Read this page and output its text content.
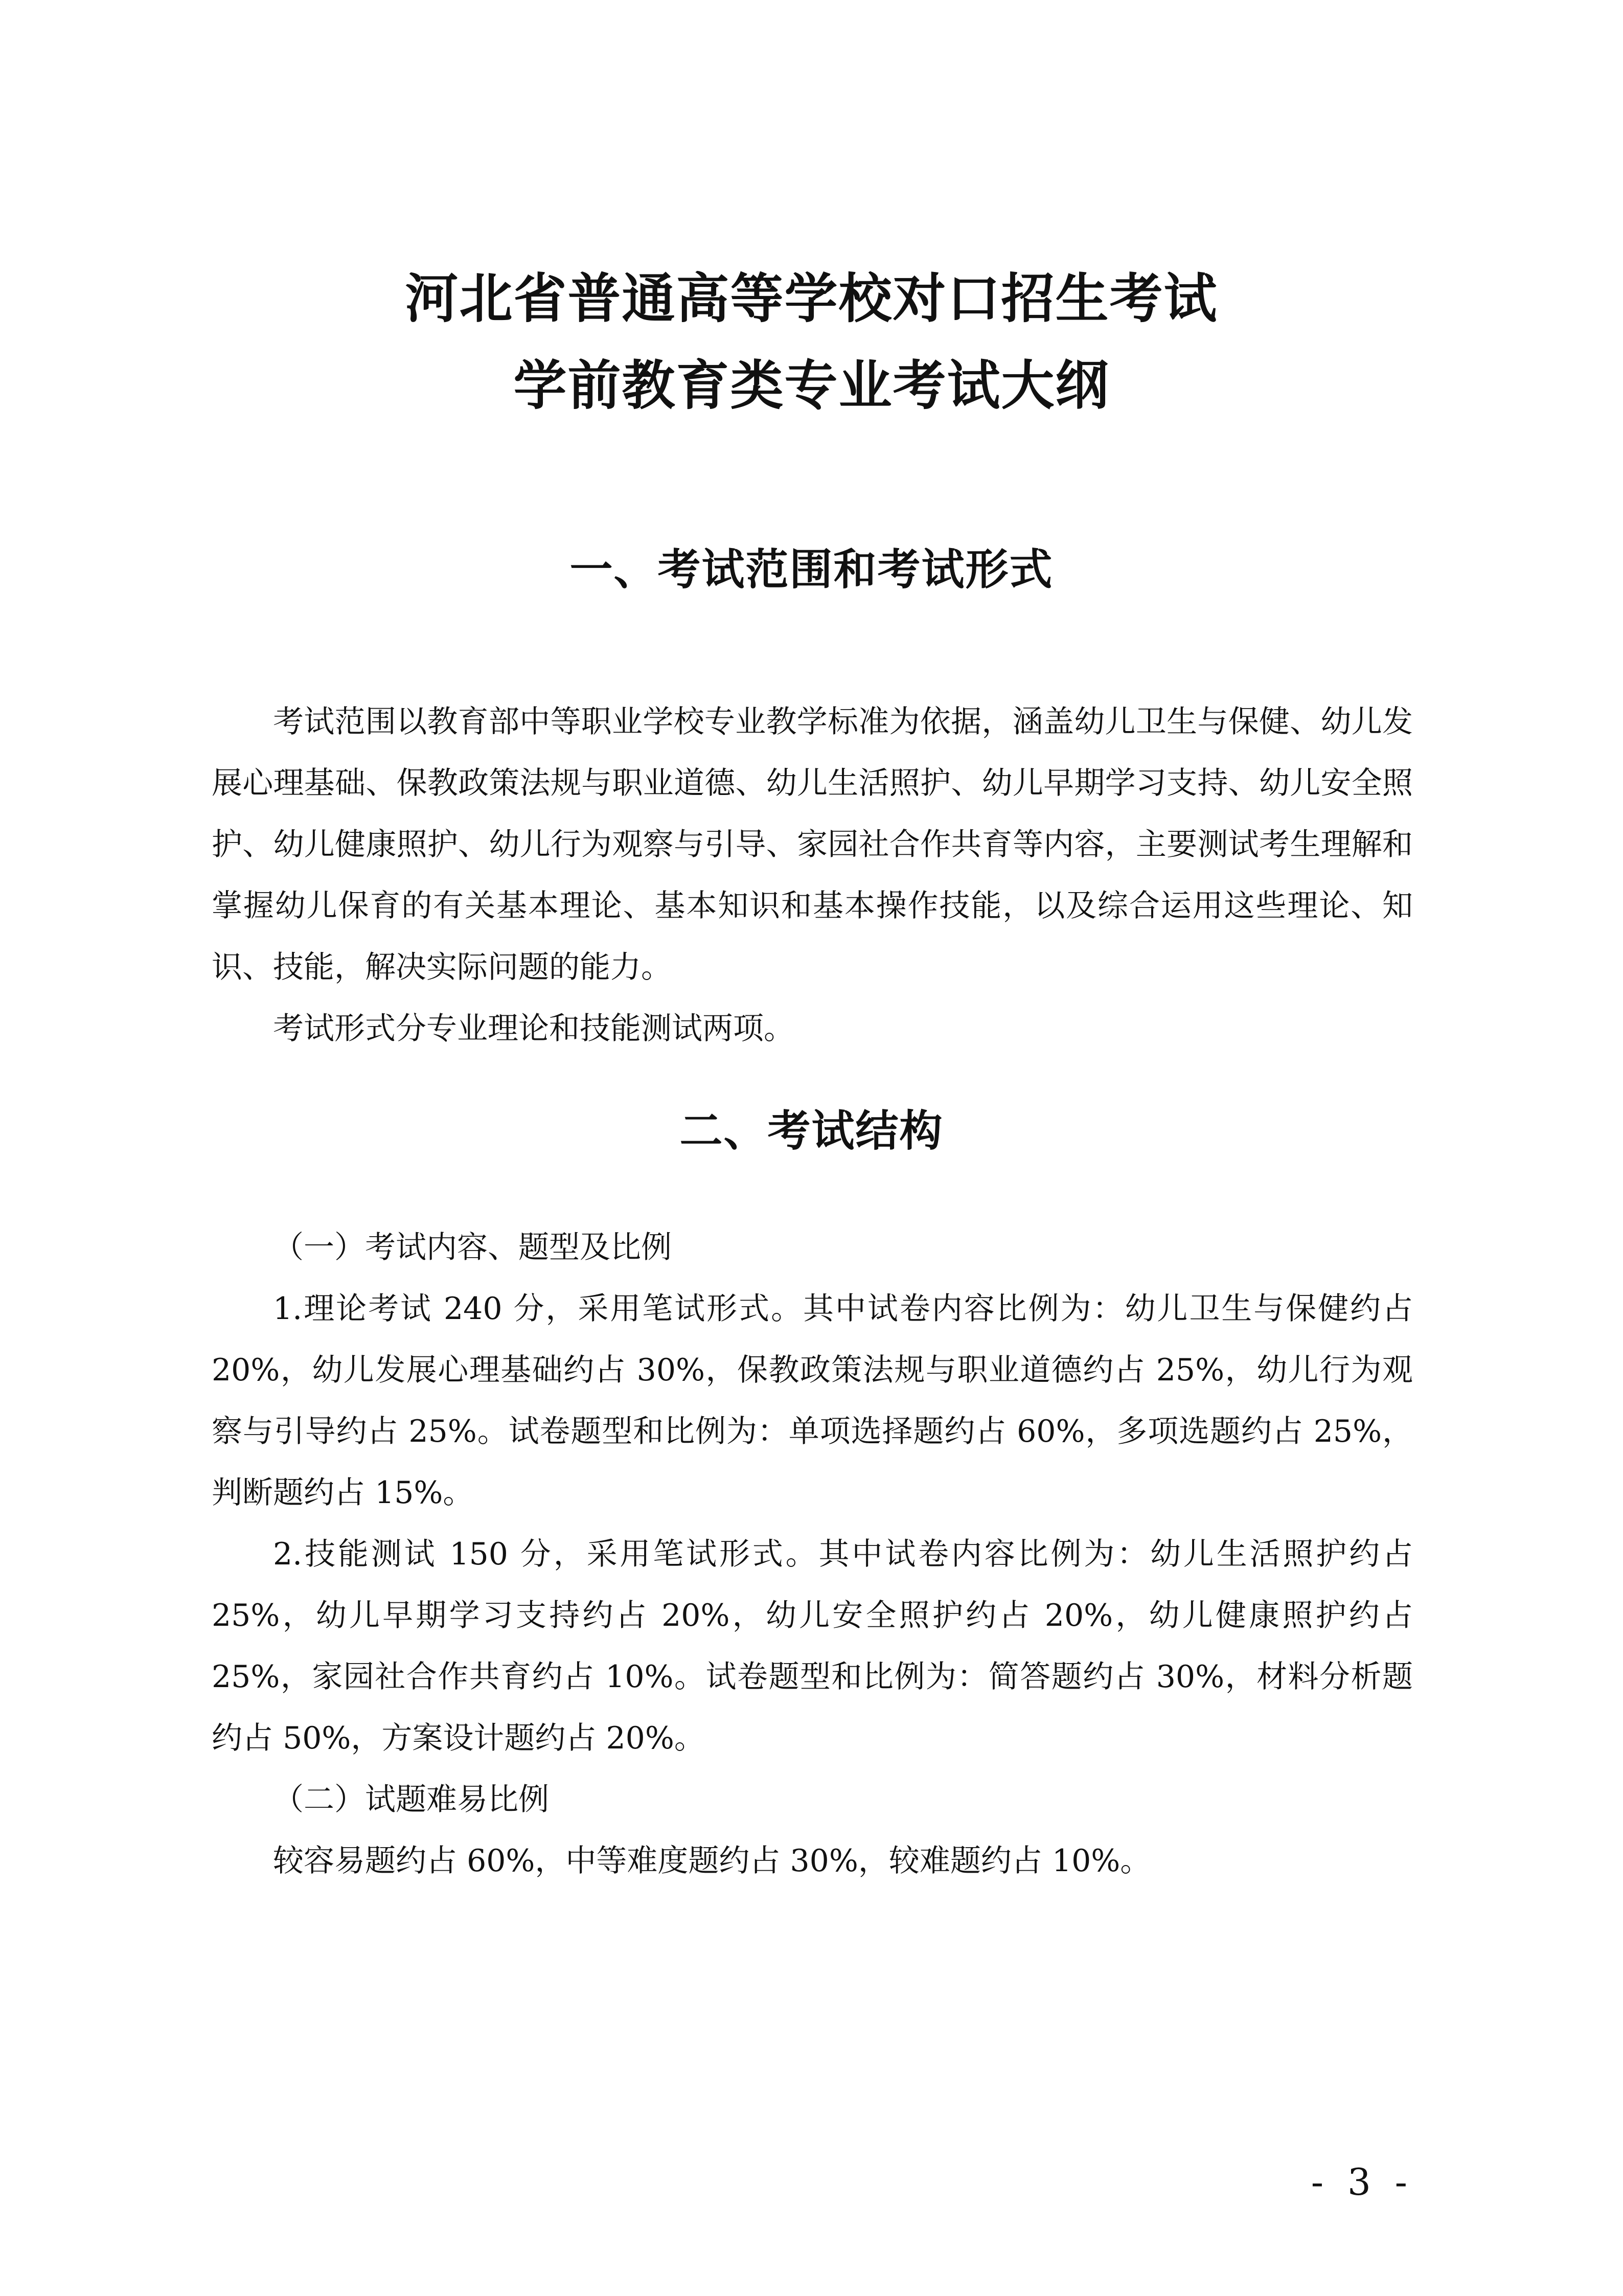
河北省普通高等学校对口招生考试
学前教育类专业考试大纲
一、考试范围和考试形式

考试范围以教育部中等职业学校专业教学标准为依据，涵盖幼儿卫生与保健、幼儿发展心理基础、保教政策法规与职业道德、幼儿生活照护、幼儿早期学习支持、幼儿安全照护、幼儿健康照护、幼儿行为观察与引导、家园社合作共育等内容，主要测试考生理解和掌握幼儿保育的有关基本理论、基本知识和基本操作技能，以及综合运用这些理论、知识、技能，解决实际问题的能力。

考试形式分专业理论和技能测试两项。

二、考试结构

（一）考试内容、题型及比例

1.理论考试 240 分，采用笔试形式。其中试卷内容比例为：幼儿卫生与保健约占 20%，幼儿发展心理基础约占 30%，保教政策法规与职业道德约占 25%，幼儿行为观察与引导约占 25%。试卷题型和比例为：单项选择题约占 60%，多项选题约占 25%，判断题约占 15%。

2.技能测试 150 分，采用笔试形式。其中试卷内容比例为：幼儿生活照护约占 25%，幼儿早期学习支持约占 20%，幼儿安全照护约占 20%，幼儿健康照护约占 25%，家园社合作共育约占 10%。试卷题型和比例为：简答题约占 30%，材料分析题约占 50%，方案设计题约占 20%。

（二）试题难易比例

较容易题约占 60%，中等难度题约占 30%，较难题约占 10%。

- 3 -
